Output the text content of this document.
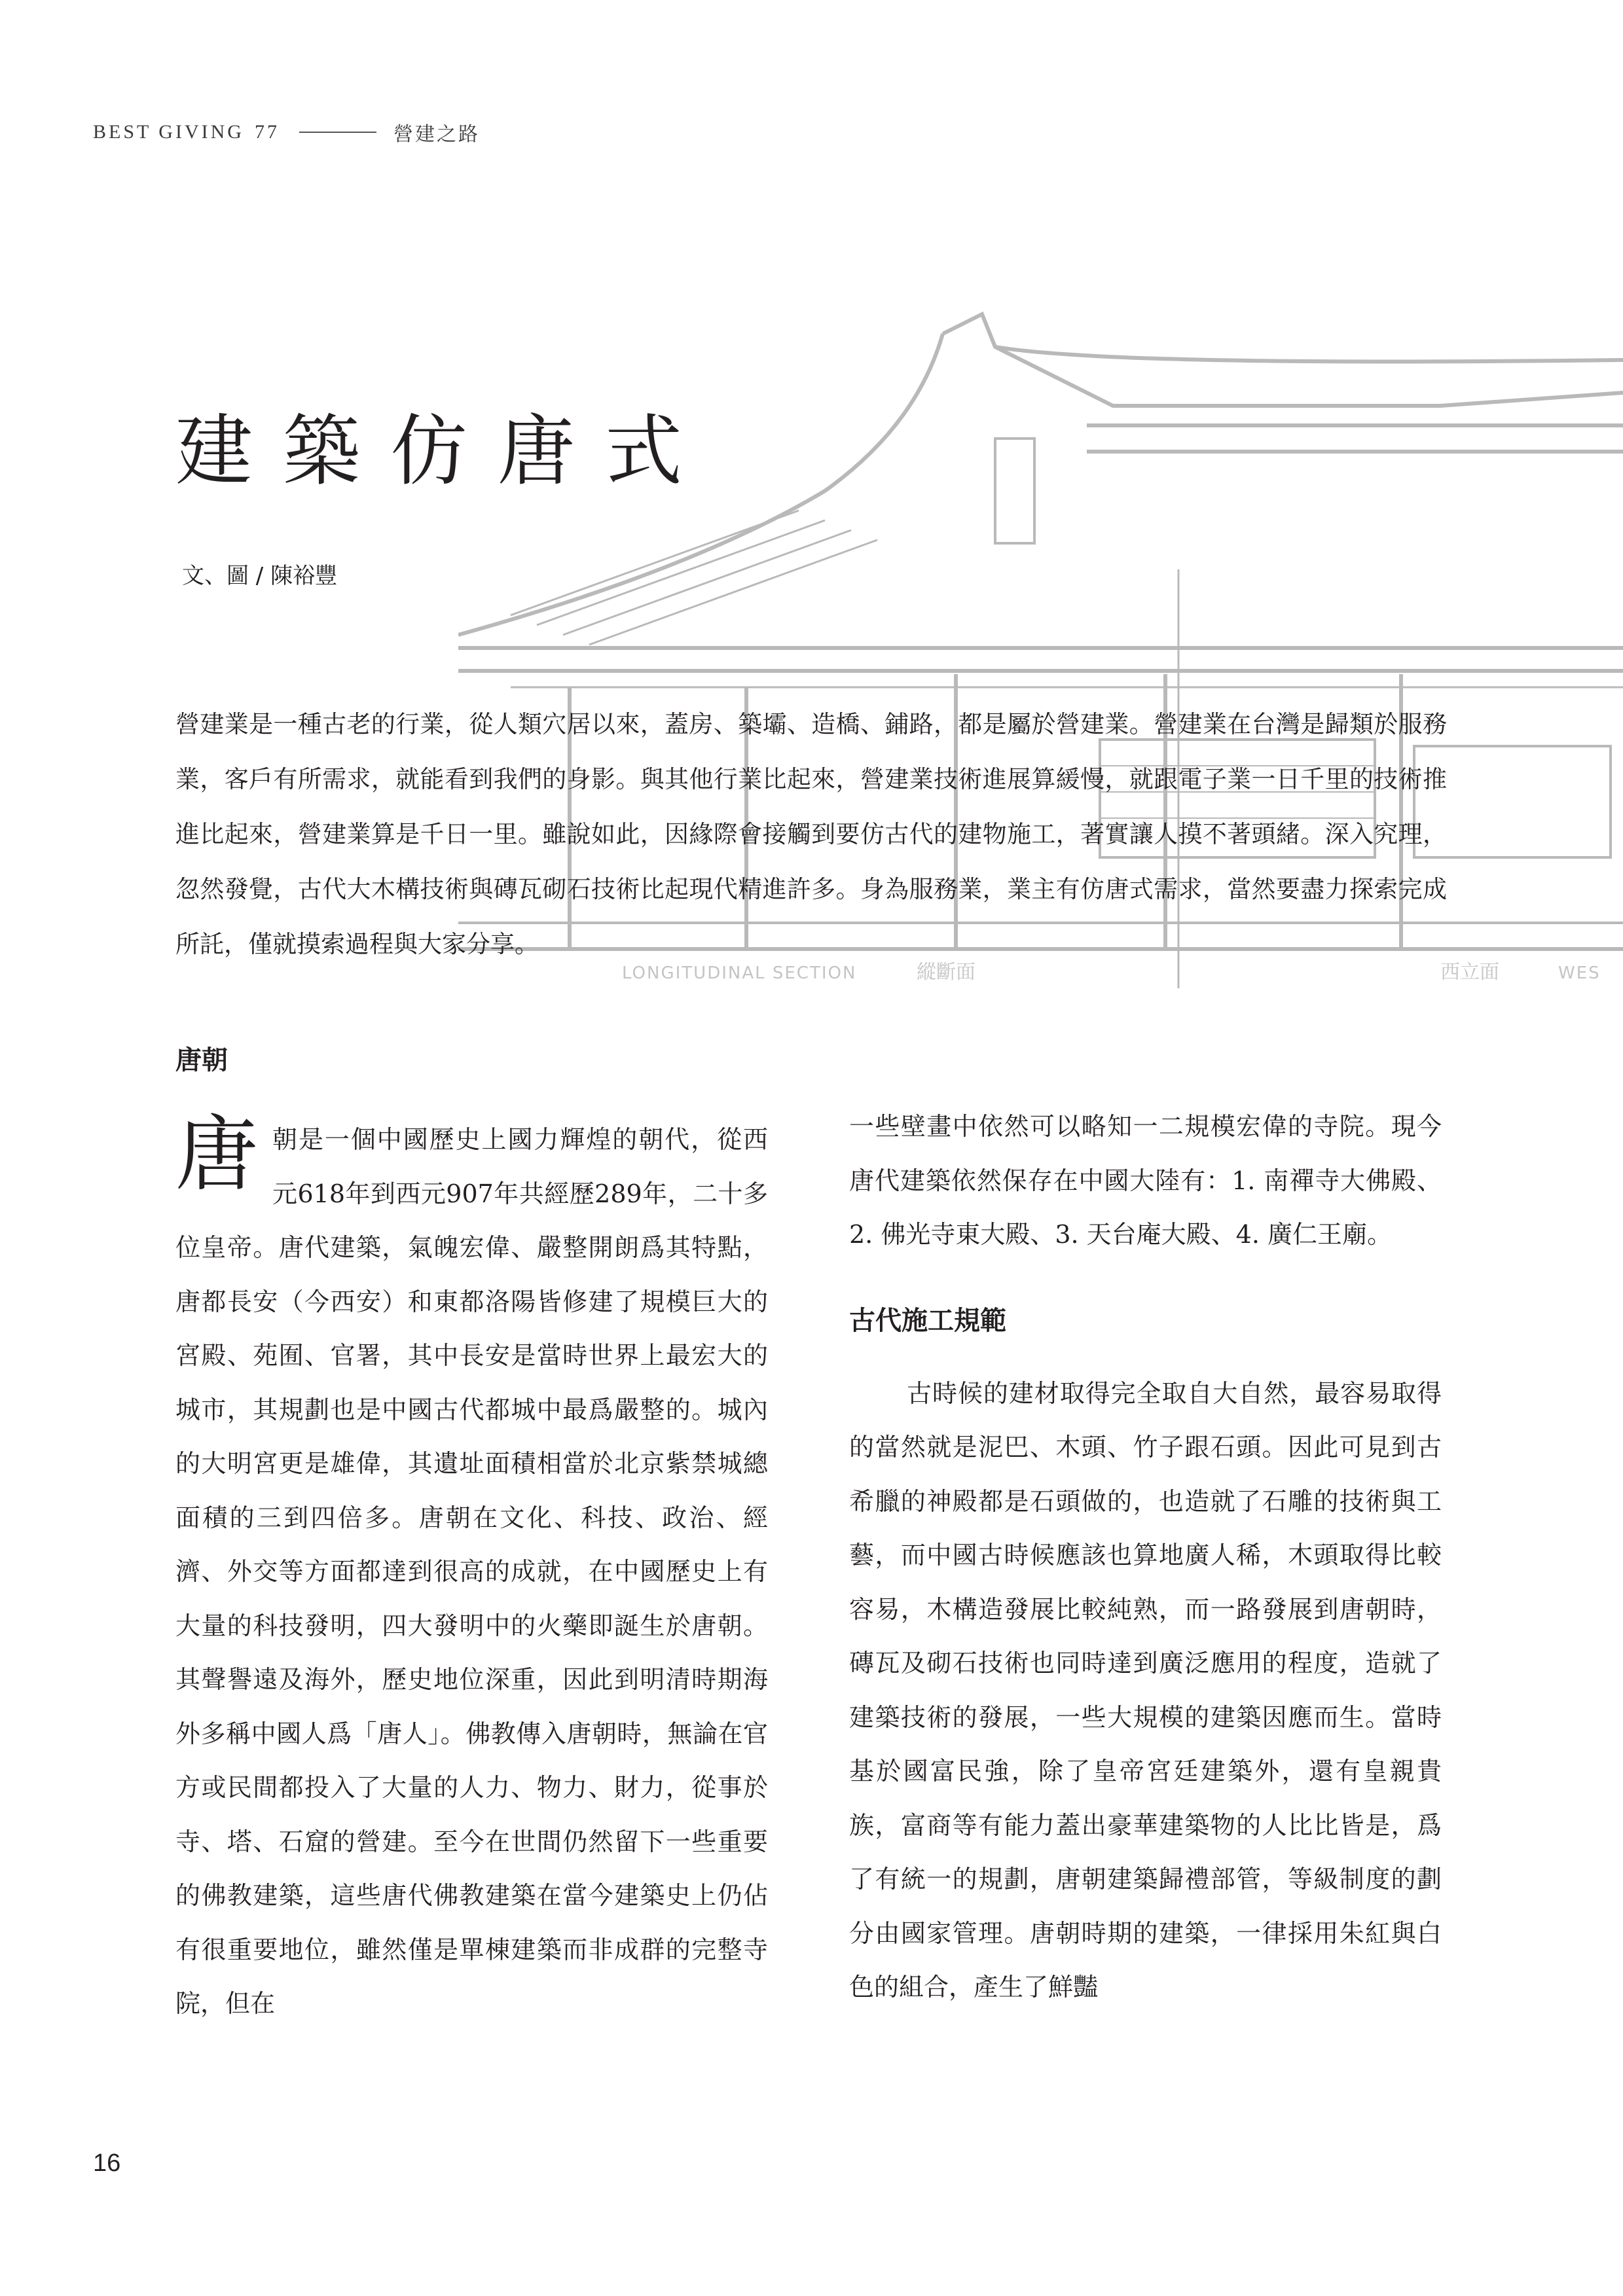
BEST GIVING 77	營建之路
LONGITUDINAL SECTION	縱斷面	西立面	WES
建築仿唐式
文、圖 / 陳裕豐

營建業是一種古老的行業，從人類穴居以來，蓋房、築壩、造橋、鋪路，都是屬於營建業。營建業在台灣是歸類於服務業，客戶有所需求，就能看到我們的身影。與其他行業比起來，營建業技術進展算緩慢，就跟電子業一日千里的技術推進比起來，營建業算是千日一里。雖說如此，因緣際會接觸到要仿古代的建物施工，著實讓人摸不著頭緒。深入究理，忽然發覺，古代大木構技術與磚瓦砌石技術比起現代精進許多。身為服務業，業主有仿唐式需求，當然要盡力探索完成所託，僅就摸索過程與大家分享。

唐朝

唐 朝是一個中國歷史上國力輝煌的朝代，從西元618年到西元907年共經歷289年，二十多位皇帝。唐代建築，氣魄宏偉、嚴整開朗爲其特點，唐都長安（今西安）和東都洛陽皆修建了規模巨大的宮殿、苑囿、官署，其中長安是當時世界上最宏大的城市，其規劃也是中國古代都城中最爲嚴整的。城內的大明宮更是雄偉，其遺址面積相當於北京紫禁城總面積的三到四倍多。唐朝在文化、科技、政治、經濟、外交等方面都達到很高的成就，在中國歷史上有大量的科技發明，四大發明中的火藥即誕生於唐朝。其聲譽遠及海外，歷史地位深重，因此到明清時期海外多稱中國人爲「唐人」。佛教傳入唐朝時，無論在官方或民間都投入了大量的人力、物力、財力，從事於寺、塔、石窟的營建。至今在世間仍然留下一些重要的佛教建築，這些唐代佛教建築在當今建築史上仍佔有很重要地位，雖然僅是單棟建築而非成群的完整寺院，但在

一些壁畫中依然可以略知一二規模宏偉的寺院。現今唐代建築依然保存在中國大陸有：1. 南禪寺大佛殿、2. 佛光寺東大殿、3. 天台庵大殿、4. 廣仁王廟。

古代施工規範

古時候的建材取得完全取自大自然，最容易取得的當然就是泥巴、木頭、竹子跟石頭。因此可見到古希臘的神殿都是石頭做的，也造就了石雕的技術與工藝，而中國古時候應該也算地廣人稀，木頭取得比較容易，木構造發展比較純熟，而一路發展到唐朝時，磚瓦及砌石技術也同時達到廣泛應用的程度，造就了建築技術的發展，一些大規模的建築因應而生。當時基於國富民強，除了皇帝宮廷建築外，還有皇親貴族，富商等有能力蓋出豪華建築物的人比比皆是，爲了有統一的規劃，唐朝建築歸禮部管，等級制度的劃分由國家管理。唐朝時期的建築，一律採用朱紅與白色的組合，產生了鮮豔

16
